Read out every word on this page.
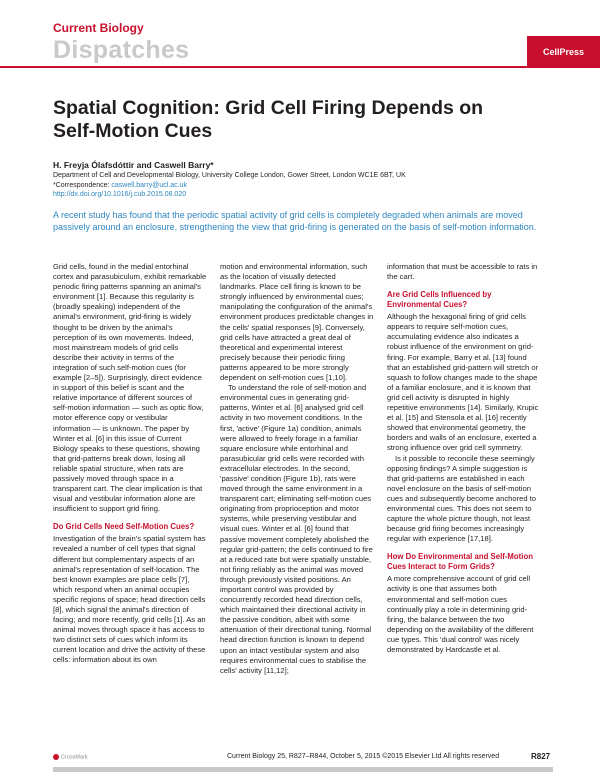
Current Biology
Dispatches	CellPress
Spatial Cognition: Grid Cell Firing Depends on Self-Motion Cues
H. Freyja Ólafsdóttir and Caswell Barry*
Department of Cell and Developmental Biology, University College London, Gower Street, London WC1E 6BT, UK
*Correspondence: caswell.barry@ucl.ac.uk
http://dx.doi.org/10.1016/j.cub.2015.08.020
A recent study has found that the periodic spatial activity of grid cells is completely degraded when animals are moved passively around an enclosure, strengthening the view that grid-firing is generated on the basis of self-motion information.

Grid cells, found in the medial entorhinal cortex and parasubiculum, exhibit remarkable periodic firing patterns spanning an animal's environment [1]. Because this regularity is (broadly speaking) independent of the animal's environment, grid-firing is widely thought to be driven by the animal's perception of its own movements. Indeed, most mainstream models of grid cells describe their activity in terms of the integration of such self-motion cues (for example [2–5]). Surprisingly, direct evidence in support of this belief is scant and the relative importance of different sources of self-motion information — such as optic flow, motor efference copy or vestibular information — is unknown. The paper by Winter et al. [6] in this issue of Current Biology speaks to these questions, showing that grid-patterns break down, losing all reliable spatial structure, when rats are passively moved through space in a transparent cart. The clear implication is that visual and vestibular information alone are insufficient to support grid firing.

Do Grid Cells Need Self-Motion Cues?

Investigation of the brain's spatial system has revealed a number of cell types that signal different but complementary aspects of an animal's representation of self-location. The best known examples are place cells [7], which respond when an animal occupies specific regions of space; head direction cells [8], which signal the animal's direction of facing; and more recently, grid cells [1]. As an animal moves through space it has access to two distinct sets of cues which inform its current location and drive the activity of these cells: information about its own

motion and environmental information, such as the location of visually detected landmarks. Place cell firing is known to be strongly influenced by environmental cues; manipulating the configuration of the animal's environment produces predictable changes in the cells' spatial responses [9]. Conversely, grid cells have attracted a great deal of theoretical and experimental interest precisely because their periodic firing patterns appeared to be more strongly dependent on self-motion cues [1,10].

To understand the role of self-motion and environmental cues in generating grid-patterns, Winter et al. [6] analysed grid cell activity in two movement conditions. In the first, 'active' (Figure 1a) condition, animals were allowed to freely forage in a familiar square enclosure while entorhinal and parasubicular grid cells were recorded with extracellular electrodes. In the second, 'passive' condition (Figure 1b), rats were moved through the same environment in a transparent cart; eliminating self-motion cues originating from proprioception and motor systems, while preserving vestibular and visual cues. Winter et al. [6] found that passive movement completely abolished the regular grid-pattern; the cells continued to fire at a reduced rate but were spatially unstable, not firing reliably as the animal was moved through previously visited positions. An important control was provided by concurrently recorded head direction cells, which maintained their directional activity in the passive condition, albeit with some attenuation of their directional tuning. Normal head direction function is known to depend upon an intact vestibular system and also requires environmental cues to stabilise the cells' activity [11,12];

information that must be accessible to rats in the cart.

Are Grid Cells Influenced by Environmental Cues?

Although the hexagonal firing of grid cells appears to require self-motion cues, accumulating evidence also indicates a robust influence of the environment on grid-firing. For example, Barry et al. [13] found that an established grid-pattern will stretch or squash to follow changes made to the shape of a familiar enclosure, and it is known that grid cell activity is disrupted in highly repetitive environments [14]. Similarly, Krupic et al. [15] and Stensola et al. [16] recently showed that environmental geometry, the borders and walls of an enclosure, exerted a strong influence over grid cell symmetry.

Is it possible to reconcile these seemingly opposing findings? A simple suggestion is that grid-patterns are established in each novel enclosure on the basis of self-motion cues and subsequently become anchored to environmental cues. This does not seem to capture the whole picture though, not least because grid firing becomes increasingly regular with experience [17,18].

How Do Environmental and Self-Motion Cues Interact to Form Grids?

A more comprehensive account of grid cell activity is one that assumes both environmental and self-motion cues continually play a role in determining grid-firing, the balance between the two depending on the availability of the different cue types. This 'dual control' was nicely demonstrated by Hardcastle et al.

CrossMark	Current Biology 25, R827–R844, October 5, 2015 ©2015 Elsevier Ltd All rights reserved	R827
